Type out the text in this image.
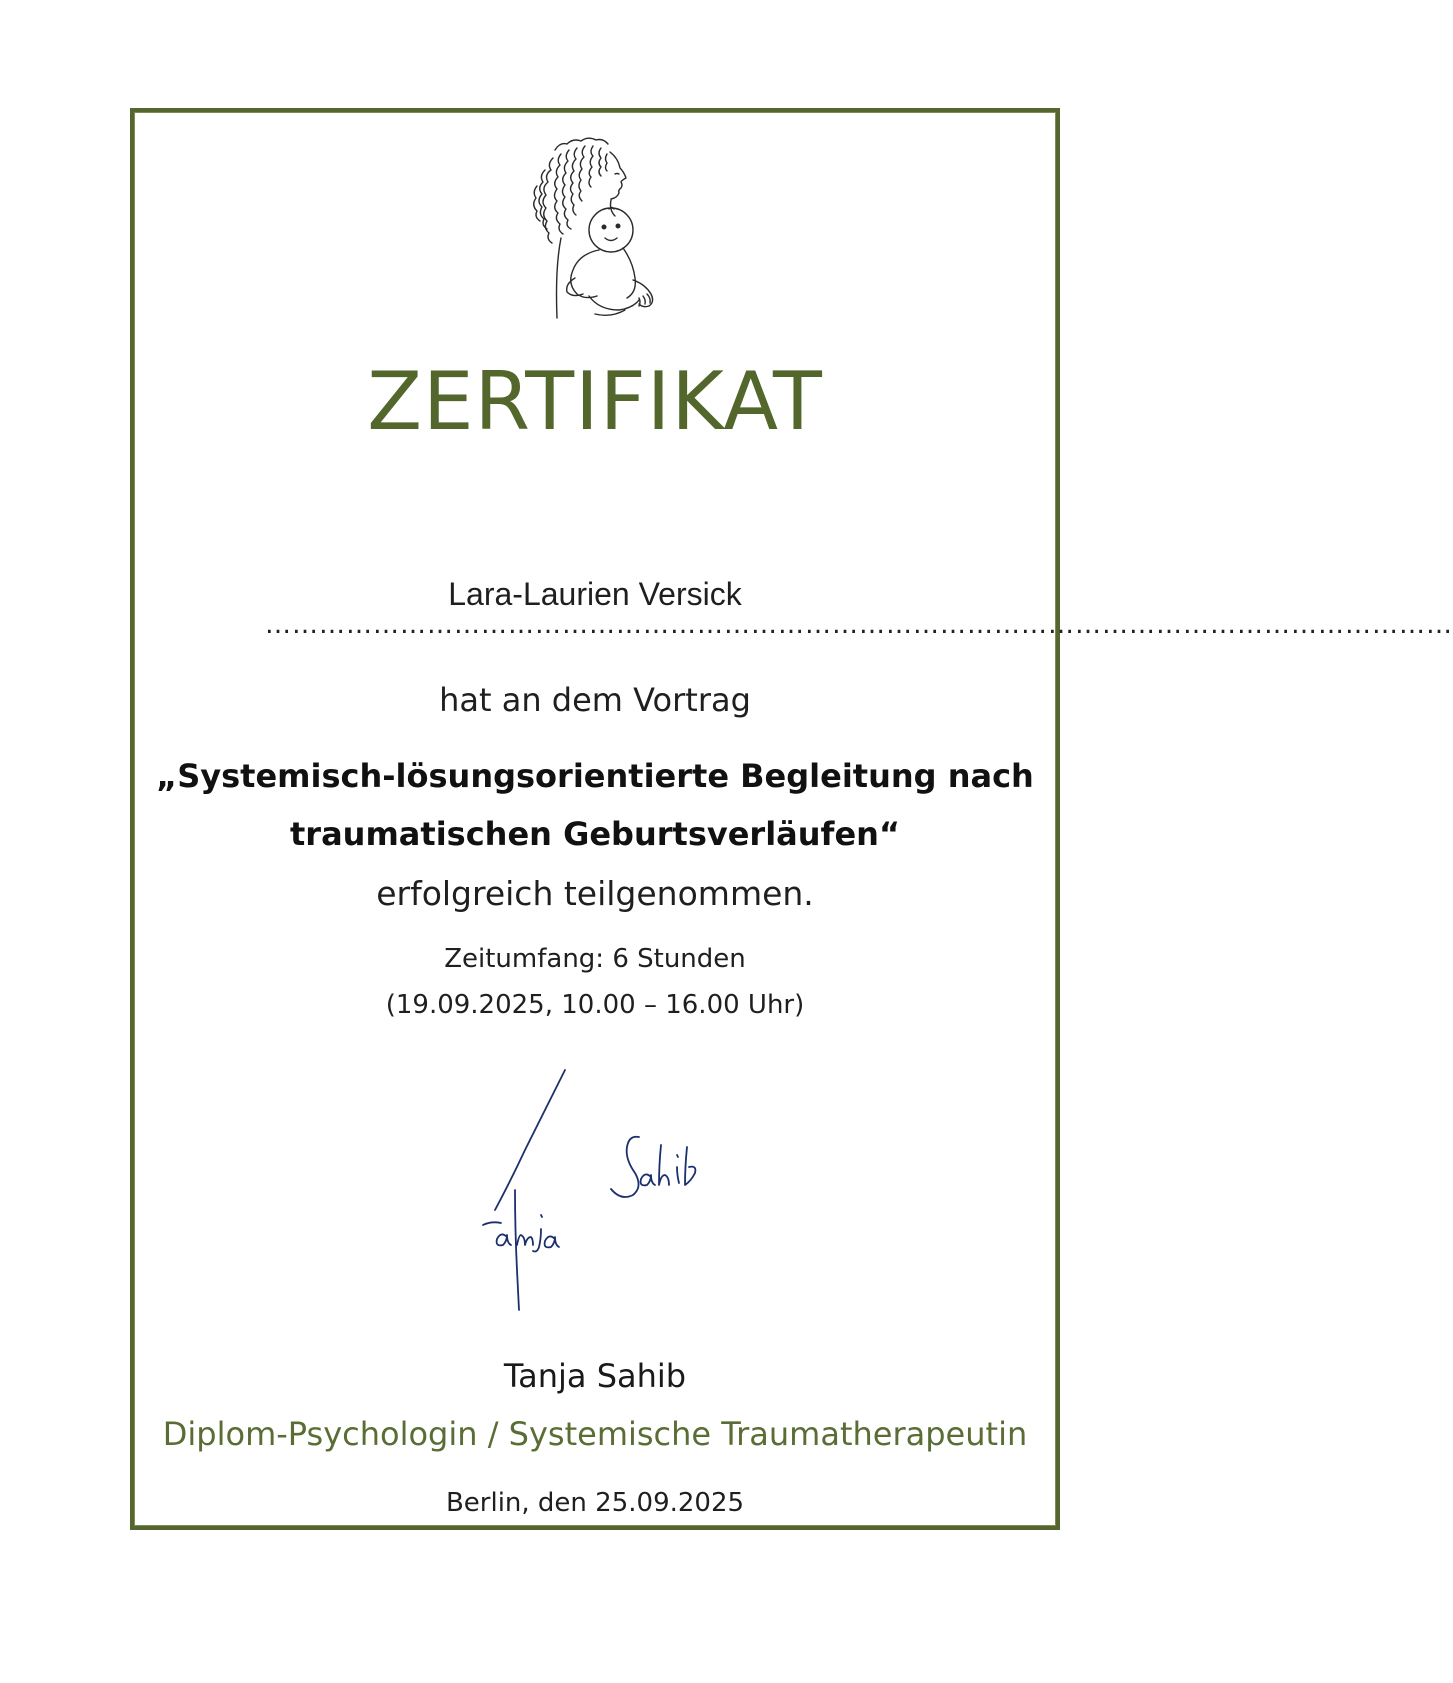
ZERTIFIKAT
Lara-Laurien Versick
……………………………………………………………………………………………………………………
hat an dem Vortrag
„Systemisch-lösungsorientierte Begleitung nach
traumatischen Geburtsverläufen“
erfolgreich teilgenommen.
Zeitumfang: 6 Stunden
(19.09.2025, 10.00 – 16.00 Uhr)
Tanja Sahib
Diplom-Psychologin / Systemische Traumatherapeutin
Berlin, den 25.09.2025
